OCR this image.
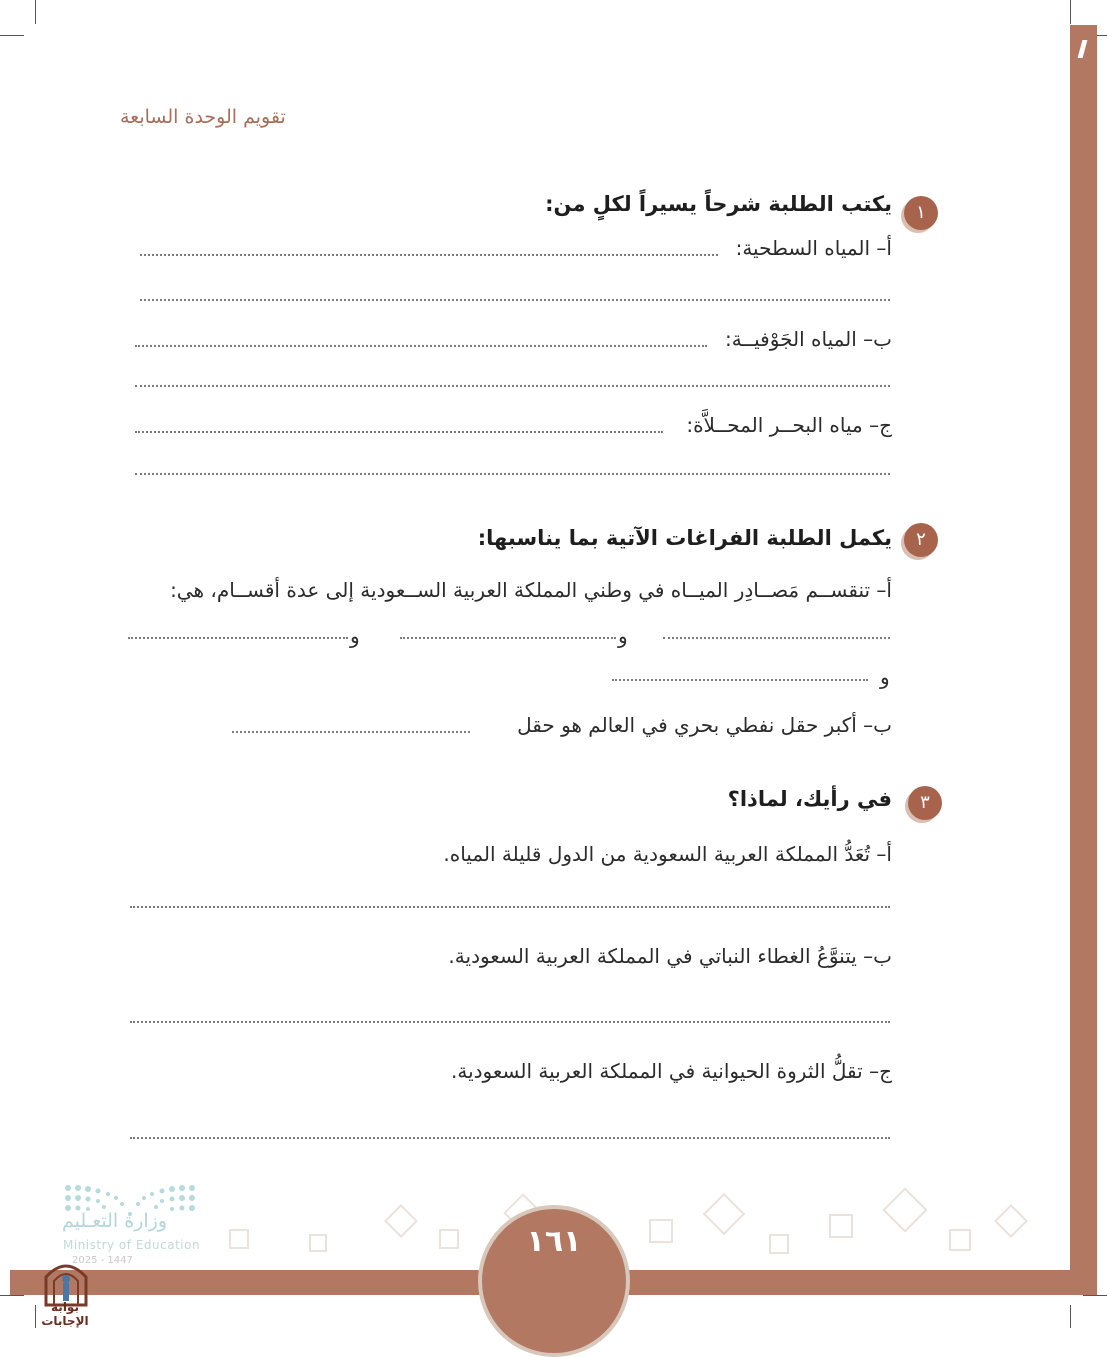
١٦١
تقويم الوحدة السابعة
١
يكتب الطلبة شرحاً يسيراً لكلٍ من:
أ– المياه السطحية:
ب– المياه الجَوْفيــة:
ج– مياه البحــر المحــلاَّة:
٢
يكمل الطلبة الفراغات الآتية بما يناسبها:
أ– تنقســم مَصــادِر الميــاه في وطني المملكة العربية الســعودية إلى عدة أقســام، هي:
و
و
و
ب– أكبر حقل نفطي بحري في العالم هو حقل
٣
في رأيك، لماذا؟
أ– تُعَدُّ المملكة العربية السعودية من الدول قليلة المياه.
ب– يتنوَّعُ الغطاء النباتي في المملكة العربية السعودية.
ج– تقلُّ الثروة الحيوانية في المملكة العربية السعودية.
وزارة التعـليم
Ministry of Education
2025 - 1447
بوابة الإجابات
